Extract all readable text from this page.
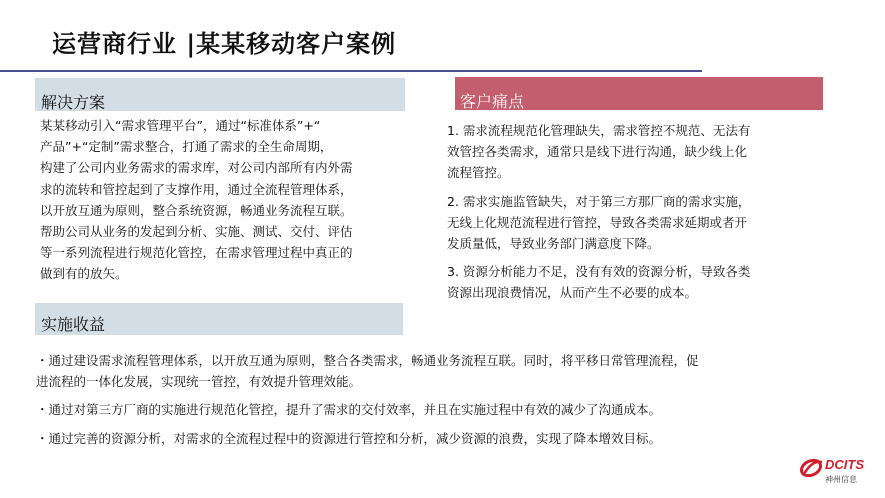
运营商行业 |某某移动客户案例
解决方案
某某移动引入“需求管理平台”，通过“标准体系”+“
产品”+“定制”需求整合，打通了需求的全生命周期，
构建了公司内业务需求的需求库，对公司内部所有内外需
求的流转和管控起到了支撑作用，通过全流程管理体系，
以开放互通为原则，整合系统资源，畅通业务流程互联。
帮助公司从业务的发起到分析、实施、测试、交付、评估
等一系列流程进行规范化管控，在需求管理过程中真正的
做到有的放矢。
客户痛点
1. 需求流程规范化管理缺失，需求管控不规范、无法有
效管控各类需求，通常只是线下进行沟通，缺少线上化
流程管控。
2. 需求实施监管缺失，对于第三方那厂商的需求实施，
无线上化规范流程进行管控，导致各类需求延期或者开
发质量低，导致业务部门满意度下降。
3. 资源分析能力不足，没有有效的资源分析，导致各类
资源出现浪费情况，从而产生不必要的成本。
实施收益
・通过建设需求流程管理体系，以开放互通为原则，整合各类需求，畅通业务流程互联。同时，将平移日常管理流程，促
进流程的一体化发展，实现统一管控，有效提升管理效能。
・通过对第三方厂商的实施进行规范化管控，提升了需求的交付效率，并且在实施过程中有效的减少了沟通成本。
・通过完善的资源分析，对需求的全流程过程中的资源进行管控和分析，减少资源的浪费，实现了降本增效目标。
DCITS
神州信息
